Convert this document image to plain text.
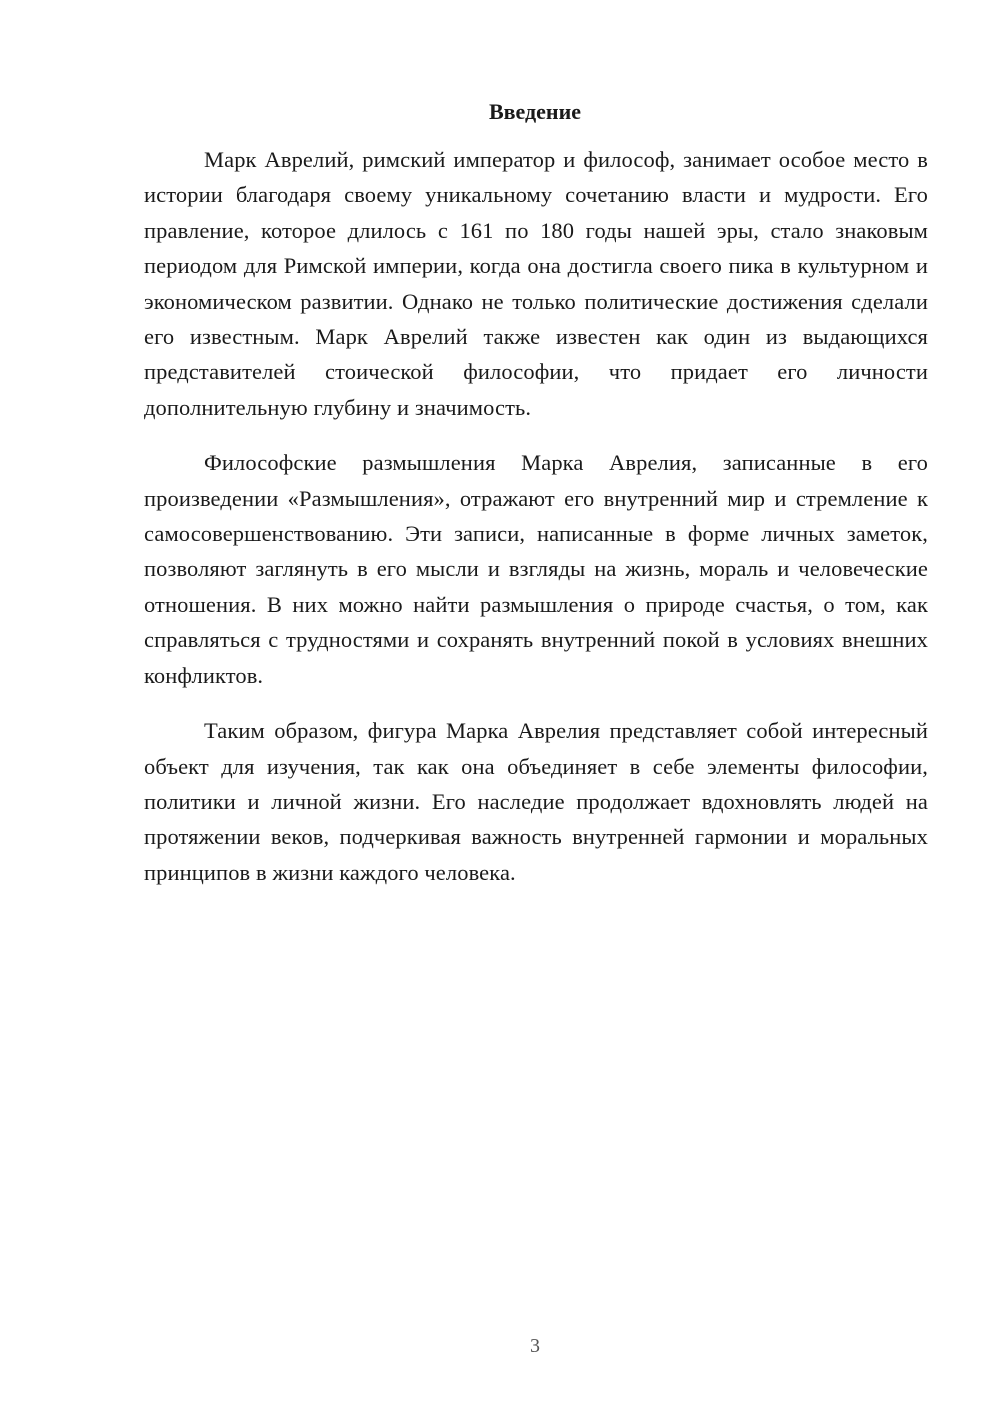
Введение

Марк Аврелий, римский император и философ, занимает особое место в истории благодаря своему уникальному сочетанию власти и мудрости. Его правление, которое длилось с 161 по 180 годы нашей эры, стало знаковым периодом для Римской империи, когда она достигла своего пика в культурном и экономическом развитии. Однако не только политические достижения сделали его известным. Марк Аврелий также известен как один из выдающихся представителей стоической философии, что придает его личности дополнительную глубину и значимость.

Философские размышления Марка Аврелия, записанные в его произведении «Размышления», отражают его внутренний мир и стремление к самосовершенствованию. Эти записи, написанные в форме личных заметок, позволяют заглянуть в его мысли и взгляды на жизнь, мораль и человеческие отношения. В них можно найти размышления о природе счастья, о том, как справляться с трудностями и сохранять внутренний покой в условиях внешних конфликтов.

Таким образом, фигура Марка Аврелия представляет собой интересный объект для изучения, так как она объединяет в себе элементы философии, политики и личной жизни. Его наследие продолжает вдохновлять людей на протяжении веков, подчеркивая важность внутренней гармонии и моральных принципов в жизни каждого человека.

3
